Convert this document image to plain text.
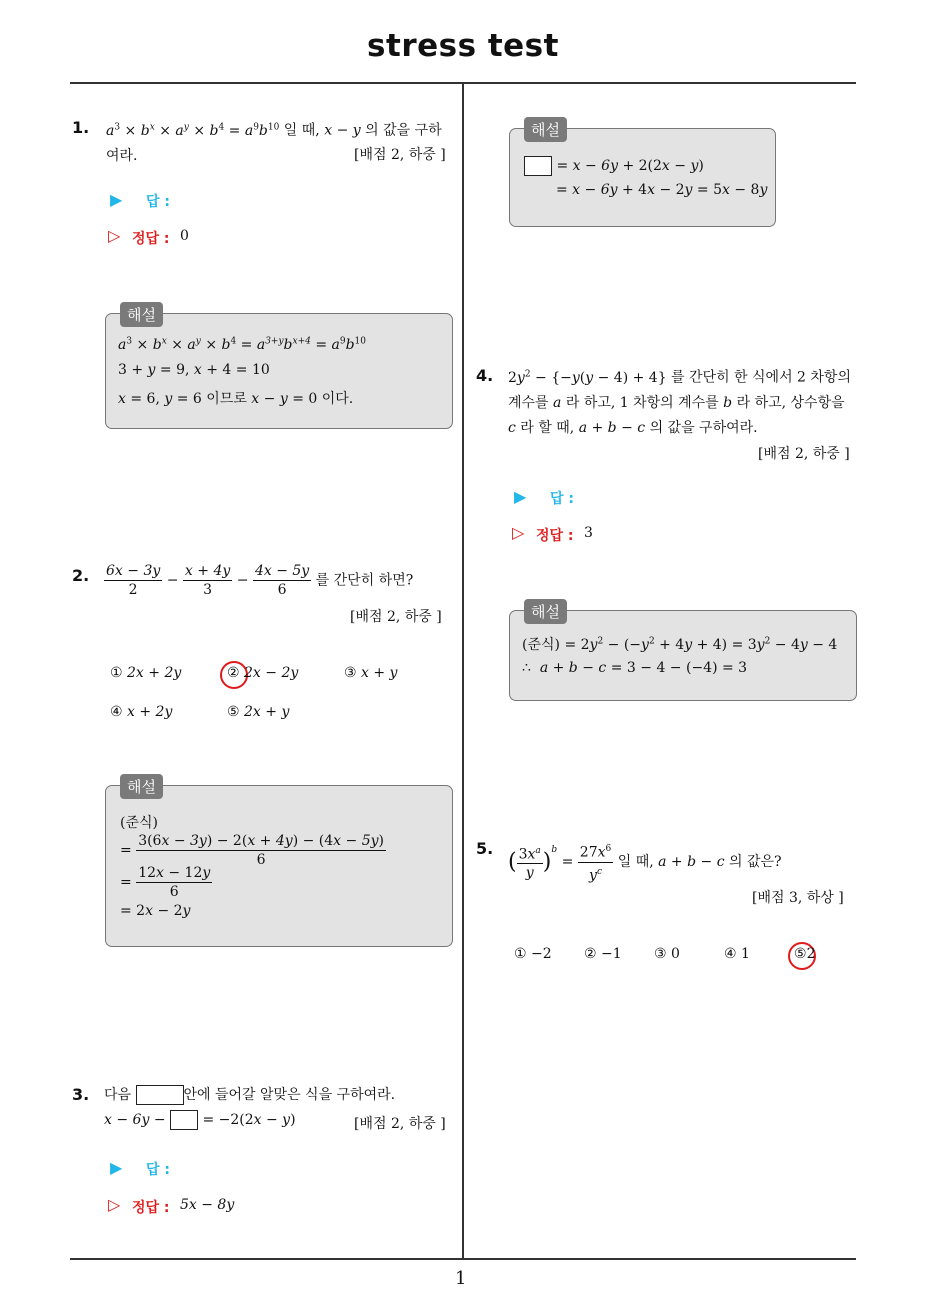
stress test
1
1. $a^3 \times b^x \times a^y \times b^4 = a^9b^{10}$ 일 때, x − y 의 값을 구하
여라.	[배점 2, 하중 ]
▶ 답 :
▷ 정답 : 0
해설
$a^3 \times b^x \times a^y \times b^4 = a^{3+y}b^{x+4} = a^9b^{10}$
3 + y = 9, x + 4 = 10
x = 6, y = 6 이므로 x − y = 0 이다.
2. $\frac{6x - 3y}{2} - \frac{x + 4y}{3} - \frac{4x - 5y}{6}$ 를 간단히 하면?
[배점 2, 하중 ]
① 2x + 2y	② 2x − 2y	③ x + y
④ x + 2y	⑤ 2x + y
해설
(준식)
= $\frac{3(6x - 3y) - 2(x + 4y) - (4x - 5y)}{6}$
= $\frac{12x - 12y}{6}$
= 2x − 2y
3. 다음	안에 들어갈 알맞은 식을 구하여라.
x − 6y −	= −2(2x − y)	[배점 2, 하중 ]
▶ 답 :
▷ 정답 : 5x − 8y
해설
= x − 6y + 2(2x − y)
= x − 6y + 4x − 2y = 5x − 8y
4. $2y^2 - \{-y(y - 4) + 4\}$ 를 간단히 한 식에서 2 차항의
계수를 a 라 하고, 1 차항의 계수를 b 라 하고, 상수항을
c 라 할 때, a + b − c 의 값을 구하여라.
[배점 2, 하중 ]
▶ 답 :
▷ 정답 : 3
해설
(준식) = $2y^2 - (-y^2 + 4y + 4) = 3y^2 - 4y - 4$
∴ a + b − c = 3 − 4 − (−4) = 3
5.
( $\frac{3x^a}{y} )^b = \frac{27x^6}{y^c}$ 일 때, a + b − c 의 값은?
[배점 3, 하상 ]
① −2 ② −1 ③ 0	④ 1	⑤2
